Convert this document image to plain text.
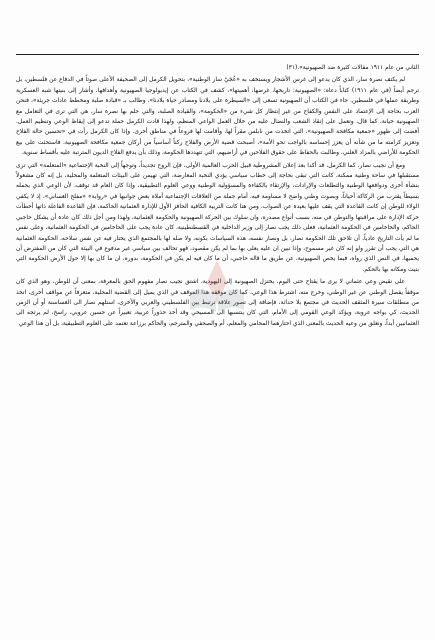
الثاني من عام ١٩١١ مقالات كثيرة ضد الصهيونية».(٣١)

لم يكتف نصرة سار، الذي كان يدعو إلى غرس الأشجار ويستخف به «عُجَيّ سار الوطنية»، بتحويل الكرمل إلى الصحيفة الأعلى صوتاً في الدفاع عن فلسطين، بل ترجم أيضاً (في عام ١٩١١) كتاباً دعاه: «الصهيونية: تاريخها، غرضها، أهميتها»، كشف في الكتاب عن إيديولوجيا الصهيونية وأهدافها، وأشار إلى بنيتها شبه العسكرية وطريقة عملها في فلسطين. جاء في الكتاب أن الصهيونية تسعى إلى «السيطرة على بلادنا ومصادر حياة بلادنا»، وطالب بـ «قيادة صلبة ومخطط عادات جريئة»، فنحن العرب بحاجة إلى الإعتماد على النفس والكفاح من غير إنتظار كل شيء من «الحكومة»، والقيادة الصلبة، والتي حلم بها نصرة سار، هي التي ترى في التعامل مع الصهيونية خيانة، كما قال، وتعمل على إنقاذ الشعب والنضال عليه من خلال العمل الواعي المنظم، ولهذا قادت الكرمل حملة تدعو إلى إيقاظ الوعي وتنظيم العمل. أفضت إلى ظهور «جمعية مكافحة الصهيونية»، التي اتخذت من نابلس مقراً لها، وأقامت لها فروعاً في مناطق أخرى. وإذا كان الكرمل رأت في «تحسين حالة الفلاح وتعزيز كرامته ما من شأنه أن يعزز إحساسه بالواجب نحو الأمة»، أصبحت قضية الأرض والفلاح ركناً أساسياً من أركان جمعية مكافحة الصهيونية، فاستحثت على بيع الحكومة للأراضي بالمزاد العلني، وطالبت بالحفاظ على حقوق الفلاحين في أراضيهم، التي تتهددها الحكومة، وذلك بأن يدفع الفلاح الديون المترتبة عليه بأقساط سنوية.

ومع أن نجيب نصار، كما الكرمل، قد أكدا بعد إعلان المشروطية قبيل الحرب العالمية الأولى، فإن الروح تجديداً، وتوجهاً إلى النخبة الإجتماعية «المتعلمة» التي ترى مستقبلها في ساحة وطنية ممكنة، كانت التي تبقى بحاجة إلى خطاب سياسي يؤدي النخبة المعارضة، التي تهيمن على البيئات المتعلمة والمحلية، بل إنه كان مشغولاً بنشأة أخرى ودوافعها الوطنية والتطلعات والإرادات، والإرتقاء بالكفاءة والمسؤولية الوطنية ووعي العلوم التطبيقية، وإذا كان العام قد توقف، لأن الوعي الذي يحمله بسيطاً يقترب من الركاكة أحياناً، وبصوت وطني واضح لا مساومة فيه، أمام جملة من العلاقات الإجتماعية أملاه بعض جوانبها في «رواية» «مفلح الغساني»، إذ لا يكفي الولاء للوطن إن كانت القاعدة التي يقف عليها بعيدة عن الصواب، ومن هنا كانت التربية الكافية الحافز الأول للإدارة العثمانية الحاكمة، فإن القاعدة الفاعلة ذاتها أخطأت حركة الإدارة على مراقبتها والتوطن في منه، بسبب أنواع مصدره، وان سلوك بين الحركة الصهيونية والحكومة العثمانية، ولهذا ومن أجل ذلك كان عادة أن يشكل حاجبي الحاكم، والخاخامين في الحكومة العثمانية، فعلى ذلك يجب نصار إلى وزير الداخلية في القسطنطينية، كان عادة يجب على الحاخامين في الحكومة العثمانية، وعلى نفس ما لم يأت التاريخ عادياً، أن تلاحق تلك الحكومة نصار، بل ونصار نفسه، هذه السياسات بكونه، ولا صله لها بالمجتمع الذي يختار فيه عن نفس سلاحه، الحكومة العثمانية هي التي يجب أن تقرر ولو إنه كان غير مسموح، وإذا تبين ان عليه يعلى بها بما لم يكن مقصود، فهو تحالف بين سياسي غير مدفوع في البيئة التي كان من المفترض أن يحميها، في النص الذي رواه، فيما يخص الصهيونية، عن طريق ما قاله حاجبي، أن ما كان فيه لم يكن في الحكومة، بدوره، ان ما كان بها إلا حول الأرض الحكومة التي بنيت ومكانه بها بالحكم.

على نقيض وعي عثماني لا يرى ما يقتاح حتى اليوم، يختزل الصهيونية إلى اليهودية، اشتق نجيب نصار مفهوم الحق بالمعرفة، بمعنى أن للوطن، وهو الذي كان موقفاً يفصل الوطني عن غير الوطني، وخرج منه، اشترط هذا الوعي، كما كان موقفه هذا الموقف في الذي يميل إلى القضية المحلية، متعرفاً عن مواقف أخرى، اتخذ من منطلقات سيرة المثقف الحديث في مجتمع بلا حداثة، فإضافة إلى تصور علاقة ترتبط بين الفلسطيني والعربي والأخرى، استلهم نصار الى الغساسنة أو أن الزمن الحديث، كي يواجه عروبة، ويؤكد الوعي القومي إلى الأمام، التي كان ينتسبها الى المسيحي وقد أخذ حذوراً عربية، تعبيراً عن حسين عروبي، راسخ، لم يرتجه الى العثمانيين أبداً، وتعلق من وعيه الحديث بالمعنى الذي احتارهما المحامي والمعلم، أم والصحفي والمترجم، والحاكم برزاعة تعتمد على العلوم التطبيقية، بل أن هذا الوعي
